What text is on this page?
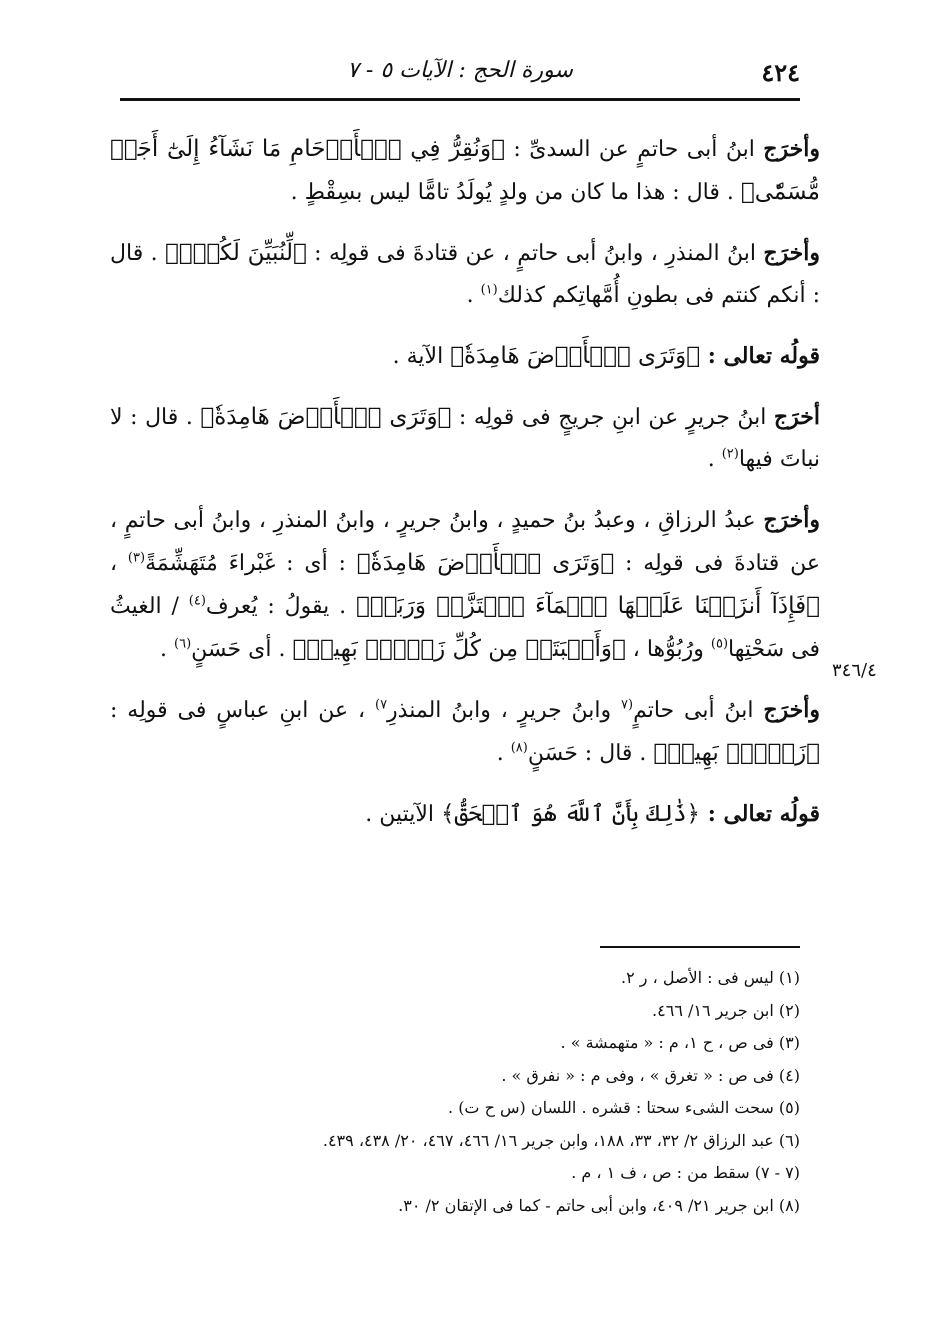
٤٢٤
سورة الحج : الآيات ٥ - ٧

وأخرَج ابنُ أبى حاتمٍ عن السدىِّ : ﴿وَنُقِرُّ فِي ٱلۡأَرۡحَامِ مَا نَشَآءُ إِلَىٰٓ أَجَلٖ مُّسَمّٗى﴾ . قال : هذا ما كان من ولدٍ يُولَدُ تامًّا ليس بسِقْطٍ .

وأخرَج ابنُ المنذرِ ، وابنُ أبى حاتمٍ ، عن قتادةَ فى قولِه : ﴿لِّنُبَيِّنَ لَكُمۡۚ﴾ . قال : أنكم كنتم فى بطونِ أُمَّهاتِكم كذلك$^{(١)}$ .

قولُه تعالى : ﴿وَتَرَى ٱلۡأَرۡضَ هَامِدَةٗ﴾ الآية .

أخرَج ابنُ جريرٍ عن ابنِ جريجٍ فى قولِه : ﴿وَتَرَى ٱلۡأَرۡضَ هَامِدَةٗ﴾ . قال : لا نباتَ فيها$^{(٢)}$ .

وأخرَج عبدُ الرزاقِ ، وعبدُ بنُ حميدٍ ، وابنُ جريرٍ ، وابنُ المنذرِ ، وابنُ أبى حاتمٍ ، عن قتادةَ فى قولِه : ﴿وَتَرَى ٱلۡأَرۡضَ هَامِدَةٗ﴾ : أى : غَبْراءَ مُتَهَشِّمَةً$^{(٣)}$ ، ﴿فَإِذَآ أَنزَلۡنَا عَلَيۡهَا ٱلۡمَآءَ ٱهۡتَزَّتۡ وَرَبَتۡ﴾ . يقولُ : يُعرف$^{(٤)}$ / الغيثُ فى سَحْتِها$^{(٥)}$ ورُبُوُّها ، ﴿وَأَنۢبَتَتۡ مِن كُلِّ زَوۡجِۭ بَهِيجٖ﴾ . أى حَسَنٍ$^{(٦)}$ .

وأخرَج ابنُ أبى حاتمٍ$^{(٧}$ وابنُ جريرٍ ، وابنُ المنذرِ$^{٧)}$ ، عن ابنِ عباسٍ فى قولِه : ﴿زَوۡجِۭ بَهِيجٖ﴾ . قال : حَسَنٍ$^{(٨)}$ .

قولُه تعالى : ﴿ذَٰلِكَ بِأَنَّ ٱللَّهَ هُوَ ٱلۡحَقُّ﴾ الآيتين .

٣٤٦/٤
(١) ليس فى : الأصل ، ر ٢.
(٢) ابن جرير ١٦/ ٤٦٦.
(٣) فى ص ، ح ١، م : « متهمشة » .
(٤) فى ص : « تغرق » ، وفى م : « نفرق » .
(٥) سحت الشىء سحتا : قشره . اللسان (س ح ت) .
(٦) عبد الرزاق ٢/ ٣٢، ٣٣، ١٨٨، وابن جرير ١٦/ ٤٦٦، ٤٦٧، ٢٠/ ٤٣٨، ٤٣٩.
(٧ - ٧) سقط من : ص ، ف ١ ، م .
(٨) ابن جرير ٢١/ ٤٠٩، وابن أبى حاتم - كما فى الإتقان ٢/ ٣٠.
